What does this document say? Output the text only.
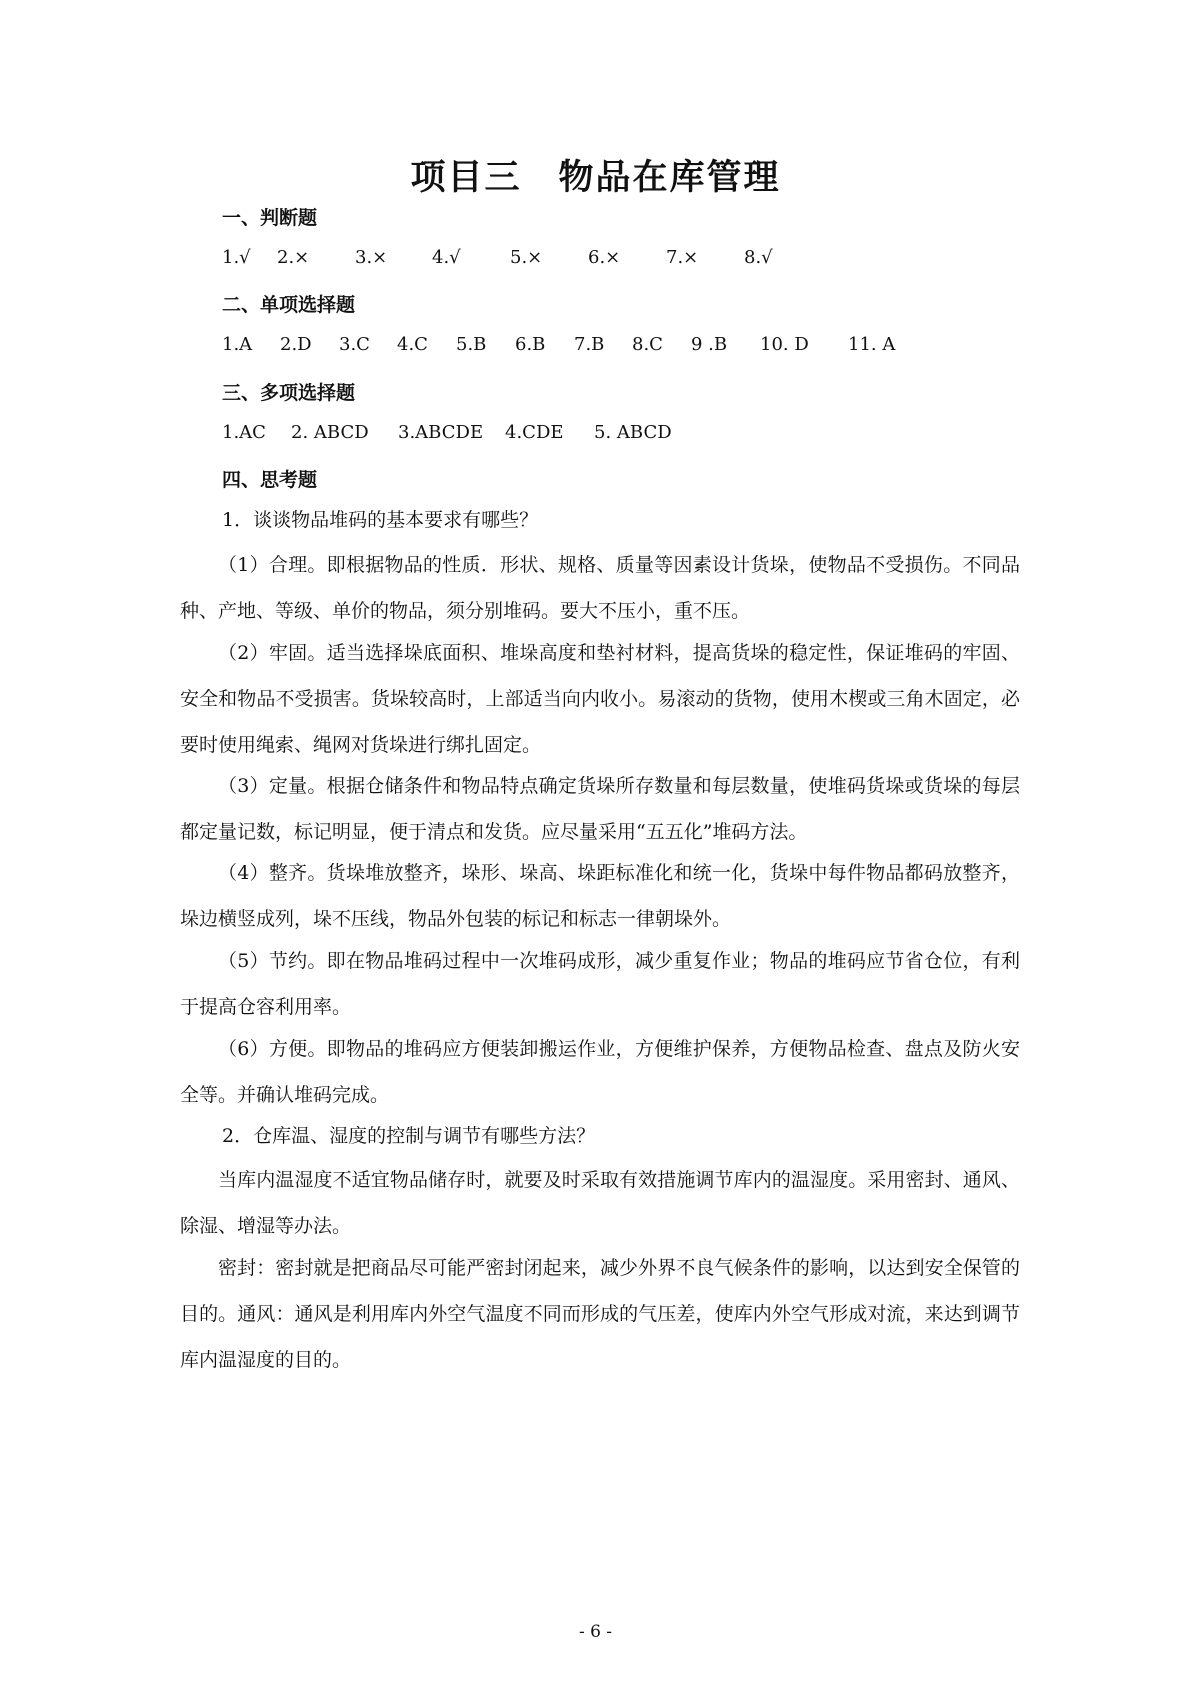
项目三　物品在库管理
一、判断题
1.√ 2.×	3.× 4.√	5.×	6.×	7.×	8.√
二、单项选择题
1.A 2.D 3.C 4.C 5.B 6.B 7.B 8.C 9 .B 10. D 11. A
三、多项选择题
1.AC 2. ABCD 3.ABCDE 4.CDE 5. ABCD
四、思考题

1．谈谈物品堆码的基本要求有哪些？

（1）合理。即根据物品的性质．形状、规格、质量等因素设计货垛，使物品不受损伤。不同品种、产地、等级、单价的物品，须分别堆码。要大不压小，重不压。

（2）牢固。适当选择垛底面积、堆垛高度和垫衬材料，提高货垛的稳定性，保证堆码的牢固、安全和物品不受损害。货垛较高时，上部适当向内收小。易滚动的货物，使用木楔或三角木固定，必要时使用绳索、绳网对货垛进行绑扎固定。

（3）定量。根据仓储条件和物品特点确定货垛所存数量和每层数量，使堆码货垛或货垛的每层都定量记数，标记明显，便于清点和发货。应尽量采用“五五化”堆码方法。

（4）整齐。货垛堆放整齐，垛形、垛高、垛距标准化和统一化，货垛中每件物品都码放整齐，垛边横竖成列，垛不压线，物品外包装的标记和标志一律朝垛外。

（5）节约。即在物品堆码过程中一次堆码成形，减少重复作业；物品的堆码应节省仓位，有利于提高仓容利用率。

（6）方便。即物品的堆码应方便装卸搬运作业，方便维护保养，方便物品检查、盘点及防火安全等。并确认堆码完成。

2．仓库温、湿度的控制与调节有哪些方法？

当库内温湿度不适宜物品储存时，就要及时采取有效措施调节库内的温湿度。采用密封、通风、除湿、增湿等办法。

密封：密封就是把商品尽可能严密封闭起来，减少外界不良气候条件的影响，以达到安全保管的目的。通风：通风是利用库内外空气温度不同而形成的气压差，使库内外空气形成对流，来达到调节库内温湿度的目的。

- 6 -
